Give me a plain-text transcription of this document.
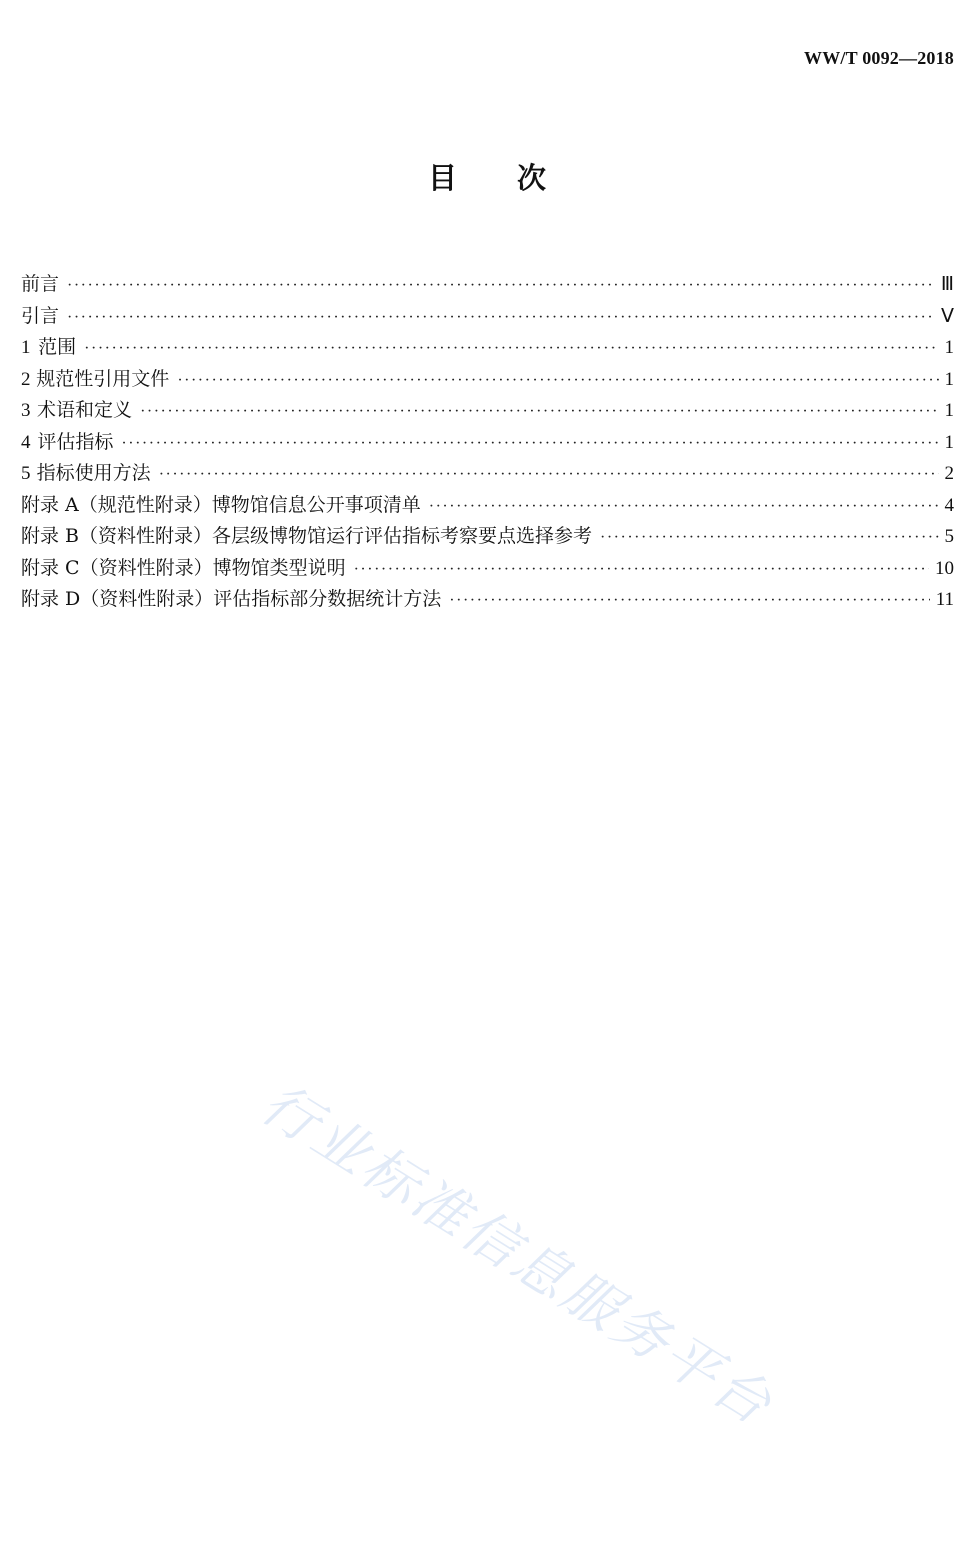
WW/T 0092—2018
目次
前言 ·····	Ⅲ
引言 ·····	Ⅴ
1 范围 ·····	1
2 规范性引用文件 ·····	1
3 术语和定义 ·····	1
4 评估指标 ·····	1
5 指标使用方法 ·····	2
附录 A（规范性附录）博物馆信息公开事项清单 ·····	4
附录 B（资料性附录）各层级博物馆运行评估指标考察要点选择参考 ·····	5
附录 C（资料性附录）博物馆类型说明 ·····	10
附录 D（资料性附录）评估指标部分数据统计方法 ·····	11
行业标准信息服务平台
